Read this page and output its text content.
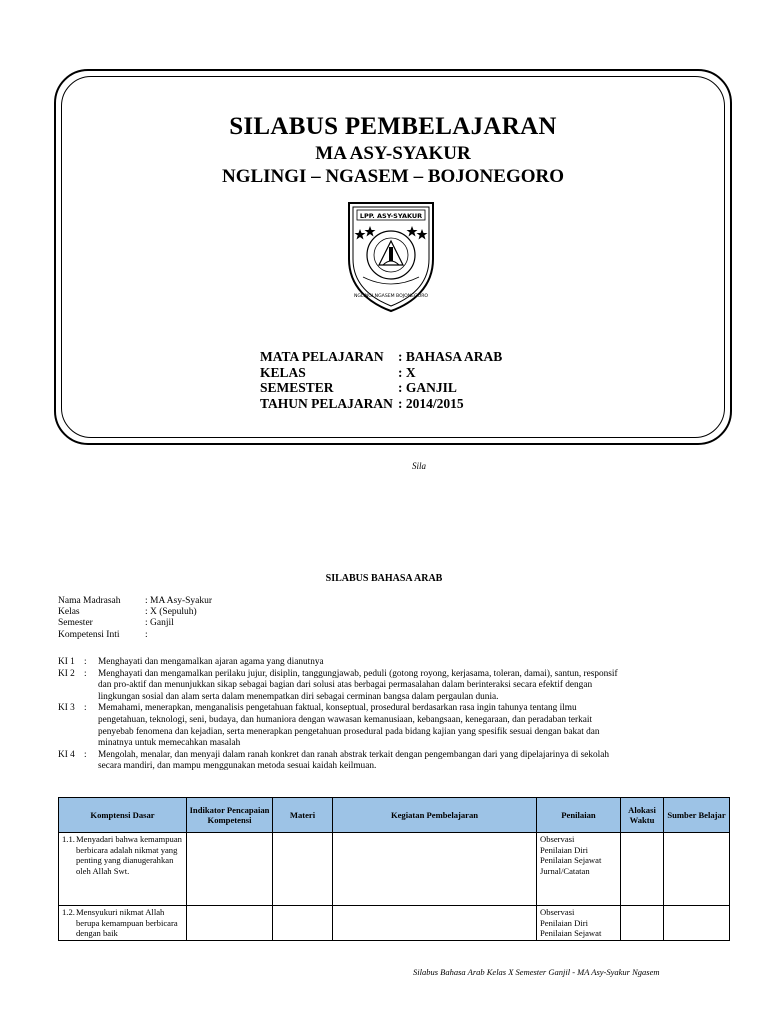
SILABUS PEMBELAJARAN
MA ASY-SYAKUR
NGLINGI – NGASEM – BOJONEGORO
LPP. ASY-SYAKUR
NGLINGI NGASEM BOJONEGORO
MATA PELAJARAN	: BAHASA ARAB
KELAS	: X
SEMESTER	: GANJIL
TAHUN PELAJARAN : 2014/2015
Sila
SILABUS BAHASA ARAB
Nama Madrasah	: MA Asy-Syakur
Kelas	: X (Sepuluh)
Semester	: Ganjil
Kompetensi Inti	:
KI 1 :	Menghayati dan mengamalkan ajaran agama yang dianutnya
KI 2 :	Menghayati dan mengamalkan perilaku jujur, disiplin, tanggungjawab, peduli (gotong royong, kerjasama, toleran, damai), santun, responsif dan pro-aktif dan menunjukkan sikap sebagai bagian dari solusi atas berbagai permasalahan dalam berinteraksi secara efektif dengan lingkungan sosial dan alam serta dalam menempatkan diri sebagai cerminan bangsa dalam pergaulan dunia.
KI 3 :	Memahami, menerapkan, menganalisis pengetahuan faktual, konseptual, prosedural berdasarkan rasa ingin tahunya tentang ilmu pengetahuan, teknologi, seni, budaya, dan humaniora dengan wawasan kemanusiaan, kebangsaan, kenegaraan, dan peradaban terkait penyebab fenomena dan kejadian, serta menerapkan pengetahuan prosedural pada bidang kajian yang spesifik sesuai dengan bakat dan minatnya untuk memecahkan masalah
KI 4 :	Mengolah, menalar, dan menyaji dalam ranah konkret dan ranah abstrak terkait dengan pengembangan dari yang dipelajarinya di sekolah secara mandiri, dan mampu menggunakan metoda sesuai kaidah keilmuan.
Komptensi Dasar	Indikator Pencapaian Kompetensi	Materi	Kegiatan Pembelajaran	Penilaian	Alokasi Waktu	Sumber Belajar

1.1. Menyadari bahwa kemampuan berbicara adalah nikmat yang penting yang dianugerahkan oleh Allah Swt.				Observasi
Penilaian Diri
Penilaian Sejawat
Jurnal/Catatan		

1.2. Mensyukuri nikmat Allah berupa kemampuan berbicara dengan baik				Observasi
Penilaian Diri
Penilaian Sejawat		

Silabus Bahasa Arab Kelas X Semester Ganjil - MA Asy-Syakur Ngasem
